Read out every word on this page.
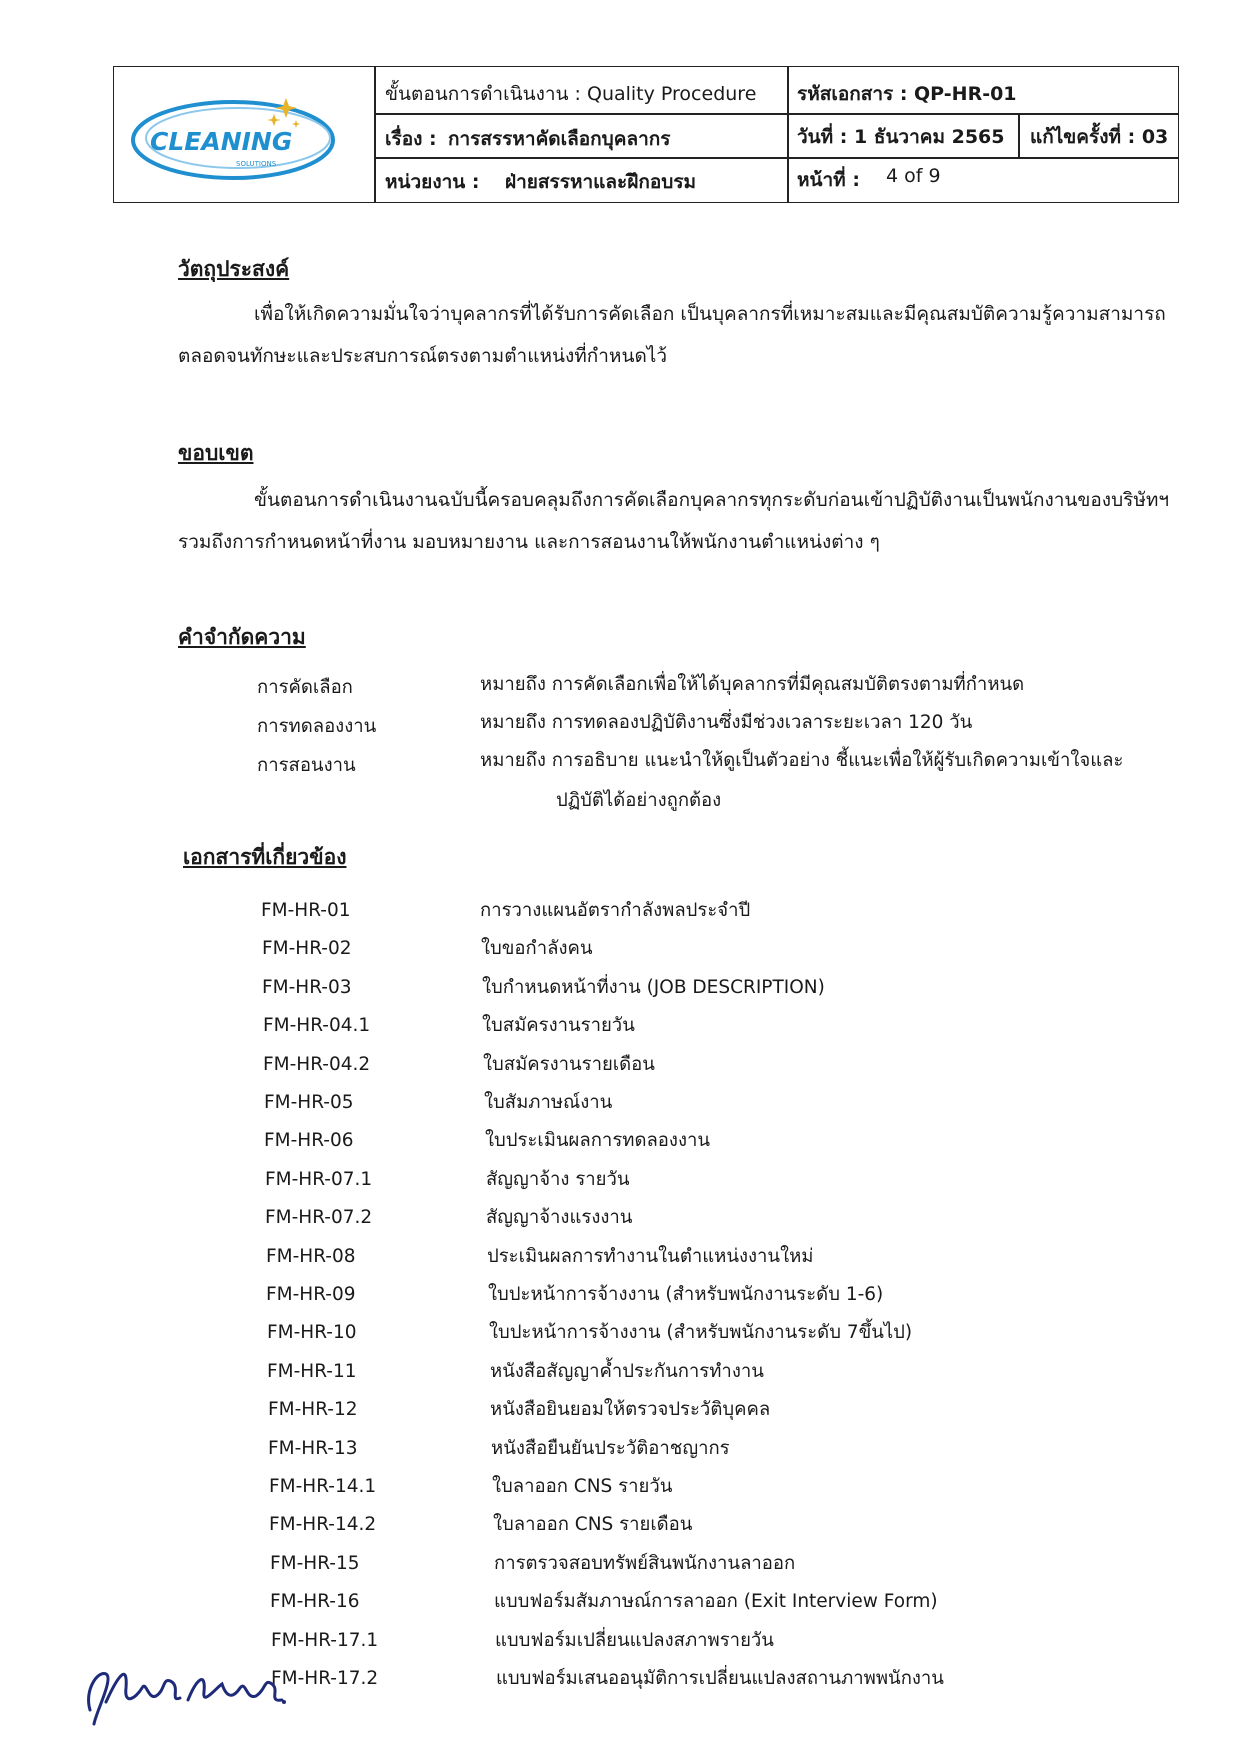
CLEANING
SOLUTIONS
ขั้นตอนการดำเนินงาน : Quality Procedure รหัสเอกสาร : QP-HR-01
เรื่อง : การสรรหาคัดเลือกบุคลากร	วันที่ : 1 ธันวาคม 2565 แก้ไขครั้งที่ : 03
หน่วยงาน : ฝ่ายสรรหาและฝึกอบรม	หน้าที่ : 4 of 9
วัตถุประสงค์
เพื่อให้เกิดความมั่นใจว่าบุคลากรที่ได้รับการคัดเลือก เป็นบุคลากรที่เหมาะสมและมีคุณสมบัติความรู้ความสามารถ
ตลอดจนทักษะและประสบการณ์ตรงตามตำแหน่งที่กำหนดไว้
ขอบเขต
ขั้นตอนการดำเนินงานฉบับนี้ครอบคลุมถึงการคัดเลือกบุคลากรทุกระดับก่อนเข้าปฏิบัติงานเป็นพนักงานของบริษัทฯ
รวมถึงการกำหนดหน้าที่งาน มอบหมายงาน และการสอนงานให้พนักงานตำแหน่งต่าง ๆ
คำจำกัดความ
การคัดเลือก	หมายถึง การคัดเลือกเพื่อให้ได้บุคลากรที่มีคุณสมบัติตรงตามที่กำหนด
การทดลองงาน	หมายถึง การทดลองปฏิบัติงานซึ่งมีช่วงเวลาระยะเวลา 120 วัน
การสอนงาน	หมายถึง การอธิบาย แนะนำให้ดูเป็นตัวอย่าง ชี้แนะเพื่อให้ผู้รับเกิดความเข้าใจและ
ปฏิบัติได้อย่างถูกต้อง
เอกสารที่เกี่ยวข้อง
FM-HR-01	การวางแผนอัตรากำลังพลประจำปี
FM-HR-02	ใบขอกำลังคน
FM-HR-03	ใบกำหนดหน้าที่งาน (JOB DESCRIPTION)
FM-HR-04.1	ใบสมัครงานรายวัน
FM-HR-04.2	ใบสมัครงานรายเดือน
FM-HR-05	ใบสัมภาษณ์งาน
FM-HR-06	ใบประเมินผลการทดลองงาน
FM-HR-07.1	สัญญาจ้าง รายวัน
FM-HR-07.2	สัญญาจ้างแรงงาน
FM-HR-08	ประเมินผลการทำงานในตำแหน่งงานใหม่
FM-HR-09	ใบปะหน้าการจ้างงาน (สำหรับพนักงานระดับ 1-6)
FM-HR-10	ใบปะหน้าการจ้างงาน (สำหรับพนักงานระดับ 7ขึ้นไป)
FM-HR-11	หนังสือสัญญาค้ำประกันการทำงาน
FM-HR-12	หนังสือยินยอมให้ตรวจประวัติบุคคล
FM-HR-13	หนังสือยืนยันประวัติอาชญากร
FM-HR-14.1	ใบลาออก CNS รายวัน
FM-HR-14.2	ใบลาออก CNS รายเดือน
FM-HR-15	การตรวจสอบทรัพย์สินพนักงานลาออก
FM-HR-16	แบบฟอร์มสัมภาษณ์การลาออก (Exit Interview Form)
FM-HR-17.1	แบบฟอร์มเปลี่ยนแปลงสภาพรายวัน
FM-HR-17.2	แบบฟอร์มเสนออนุมัติการเปลี่ยนแปลงสถานภาพพนักงาน
